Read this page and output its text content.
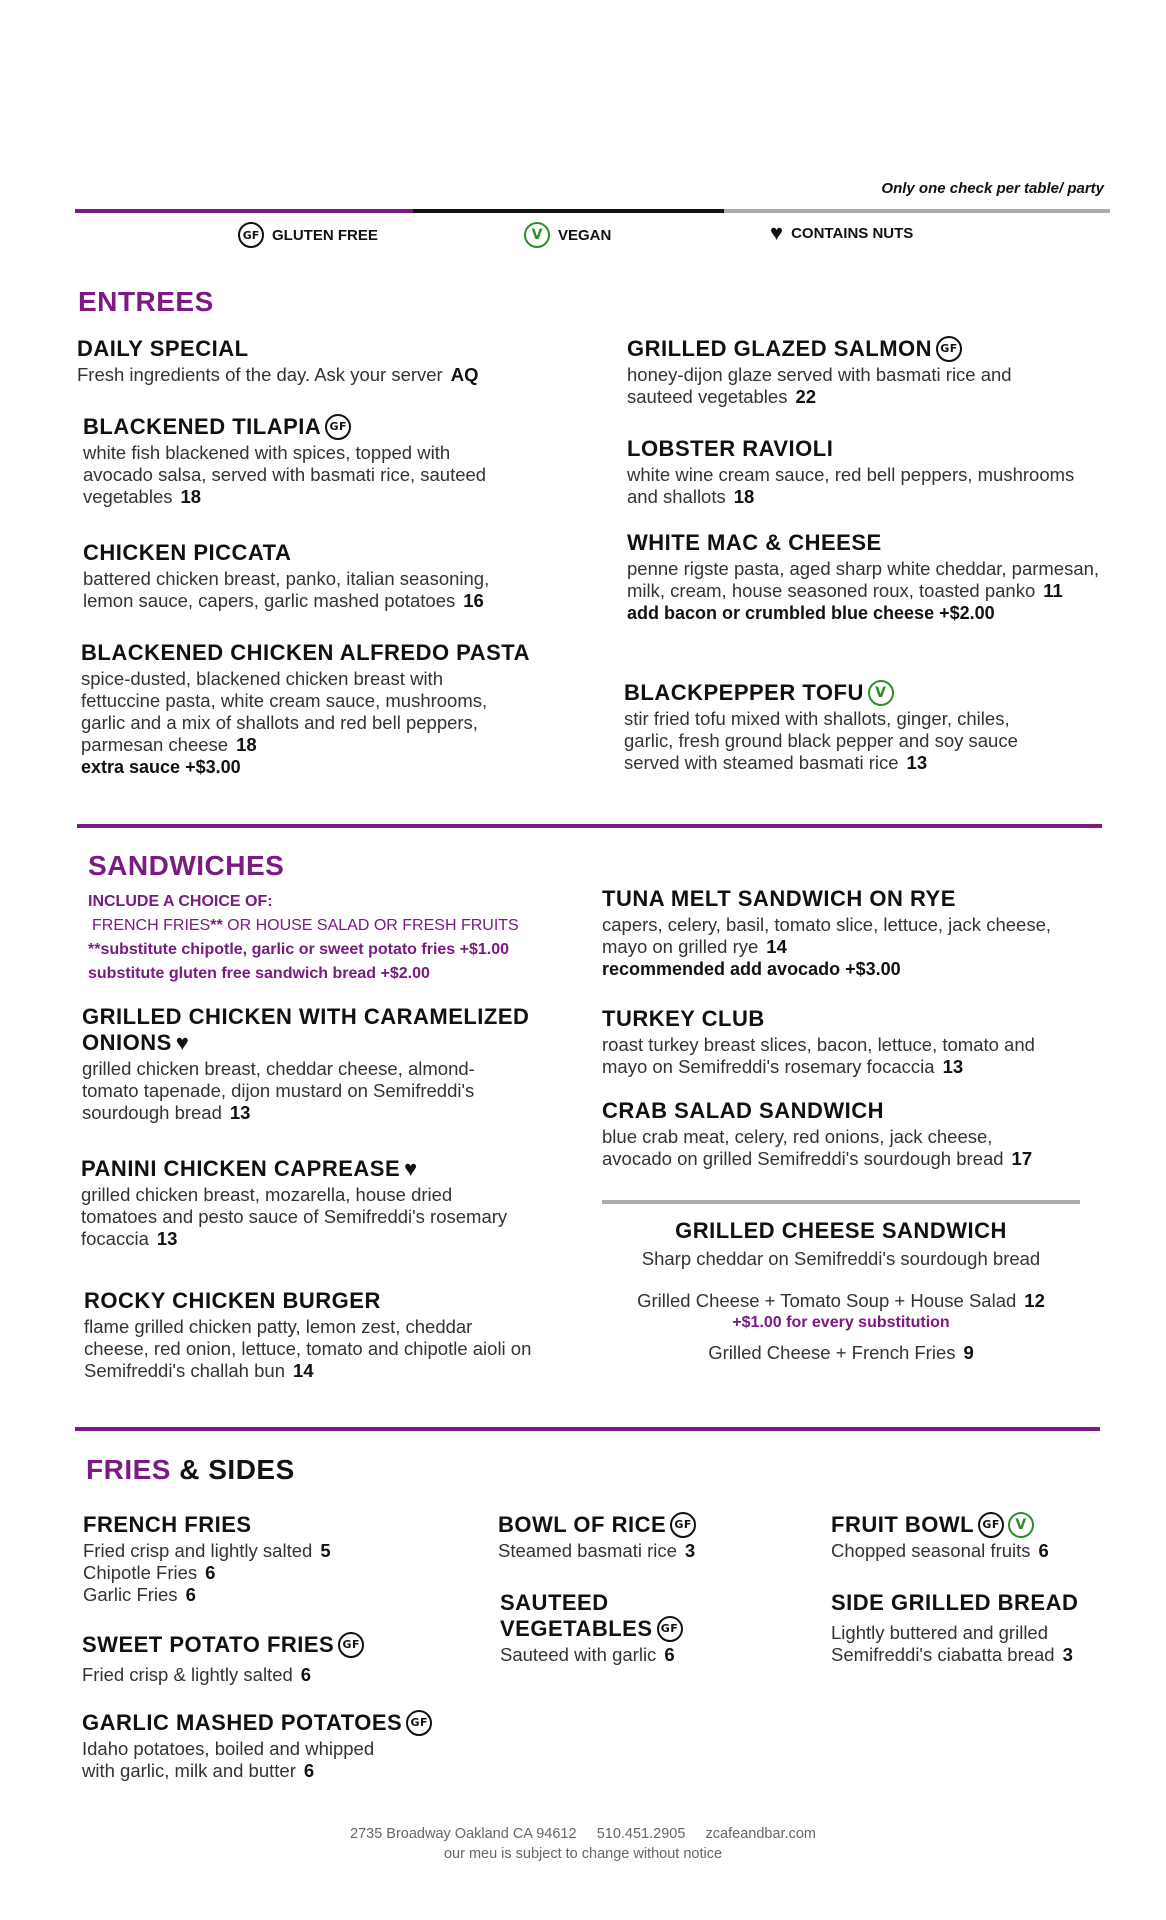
Only one check per table/ party
GF GLUTEN FREE	V	VEGAN	♥ CONTAINS NUTS
ENTREES
DAILY SPECIAL
Fresh ingredients of the day. Ask your server AQ
BLACKENED TILAPIA GF
white fish blackened with spices, topped with avocado salsa, served with basmati rice, sauteed vegetables 18
CHICKEN PICCATA
battered chicken breast, panko, italian seasoning, lemon sauce, capers, garlic mashed potatoes 16
BLACKENED CHICKEN ALFREDO PASTA
spice-dusted, blackened chicken breast with fettuccine pasta, white cream sauce, mushrooms, garlic and a mix of shallots and red bell peppers, parmesan cheese 18
extra sauce +$3.00
GRILLED GLAZED SALMON GF
honey-dijon glaze served with basmati rice and sauteed vegetables 22
LOBSTER RAVIOLI
white wine cream sauce, red bell peppers, mushrooms and shallots 18
WHITE MAC & CHEESE
penne rigste pasta, aged sharp white cheddar, parmesan, milk, cream, house seasoned roux, toasted panko 11
add bacon or crumbled blue cheese +$2.00
BLACKPEPPER TOFU V
stir fried tofu mixed with shallots, ginger, chiles, garlic, fresh ground black pepper and soy sauce served with steamed basmati rice 13
SANDWICHES
INCLUDE A CHOICE OF:
FRENCH FRIES** OR HOUSE SALAD OR FRESH FRUITS
**substitute chipotle, garlic or sweet potato fries +$1.00
substitute gluten free sandwich bread +$2.00
GRILLED CHICKEN WITH CARAMELIZED
ONIONS ♥
grilled chicken breast, cheddar cheese, almond-tomato tapenade, dijon mustard on Semifreddi's sourdough bread 13
PANINI CHICKEN CAPREASE ♥
grilled chicken breast, mozarella, house dried tomatoes and pesto sauce of Semifreddi's rosemary focaccia 13
ROCKY CHICKEN BURGER
flame grilled chicken patty, lemon zest, cheddar cheese, red onion, lettuce, tomato and chipotle aioli on Semifreddi's challah bun 14
TUNA MELT SANDWICH ON RYE
capers, celery, basil, tomato slice, lettuce, jack cheese, mayo on grilled rye 14
recommended add avocado +$3.00
TURKEY CLUB
roast turkey breast slices, bacon, lettuce, tomato and mayo on Semifreddi's rosemary focaccia 13
CRAB SALAD SANDWICH
blue crab meat, celery, red onions, jack cheese, avocado on grilled Semifreddi's sourdough bread 17
GRILLED CHEESE SANDWICH
Sharp cheddar on Semifreddi's sourdough bread
Grilled Cheese + Tomato Soup + House Salad 12
+$1.00 for every substitution
Grilled Cheese + French Fries 9
FRIES & SIDES
FRENCH FRIES
Fried crisp and lightly salted 5
Chipotle Fries 6
Garlic Fries 6
SWEET POTATO FRIES GF
Fried crisp & lightly salted 6
GARLIC MASHED POTATOES GF
Idaho potatoes, boiled and whipped with garlic, milk and butter 6
BOWL OF RICE GF
Steamed basmati rice 3
SAUTEED
VEGETABLES GF
Sauteed with garlic 6
FRUIT BOWL GF	V
Chopped seasonal fruits 6
SIDE GRILLED BREAD
Lightly buttered and grilled Semifreddi's ciabatta bread 3
2735 Broadway Oakland CA 94612 510.451.2905 zcafeandbar.com
our meu is subject to change without notice
